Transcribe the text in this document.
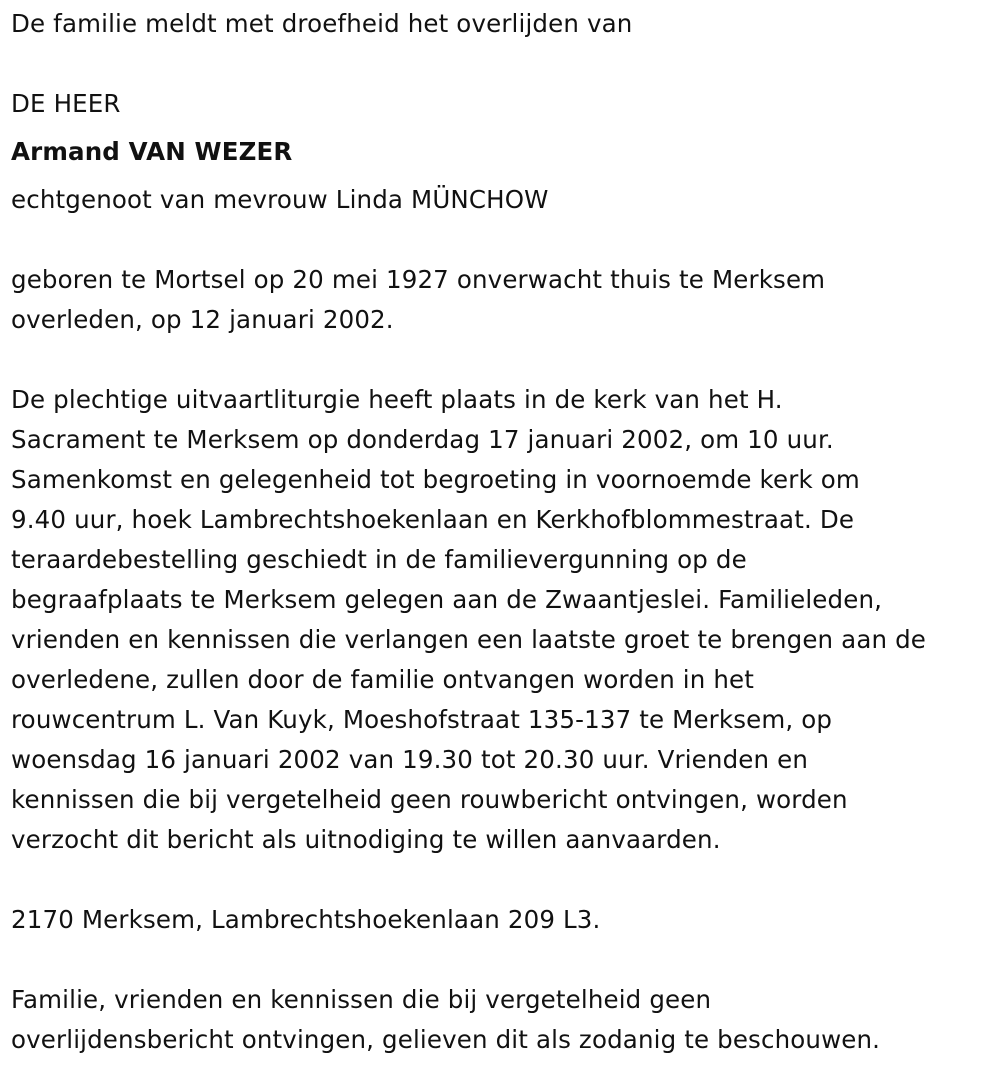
De familie meldt met droefheid het overlijden van

DE HEER

Armand VAN WEZER

echtgenoot van mevrouw Linda MÜNCHOW

geboren te Mortsel op 20 mei 1927 onverwacht thuis te Merksem
overleden, op 12 januari 2002.

De plechtige uitvaartliturgie heeft plaats in de kerk van het H.
Sacrament te Merksem op donderdag 17 januari 2002, om 10 uur.
Samenkomst en gelegenheid tot begroeting in voornoemde kerk om
9.40 uur, hoek Lambrechtshoekenlaan en Kerkhofblommestraat. De
teraardebestelling geschiedt in de familievergunning op de
begraafplaats te Merksem gelegen aan de Zwaantjeslei. Familieleden,
vrienden en kennissen die verlangen een laatste groet te brengen aan de
overledene, zullen door de familie ontvangen worden in het
rouwcentrum L. Van Kuyk, Moeshofstraat 135-137 te Merksem, op
woensdag 16 januari 2002 van 19.30 tot 20.30 uur. Vrienden en
kennissen die bij vergetelheid geen rouwbericht ontvingen, worden
verzocht dit bericht als uitnodiging te willen aanvaarden.

2170 Merksem, Lambrechtshoekenlaan 209 L3.

Familie, vrienden en kennissen die bij vergetelheid geen
overlijdensbericht ontvingen, gelieven dit als zodanig te beschouwen.
